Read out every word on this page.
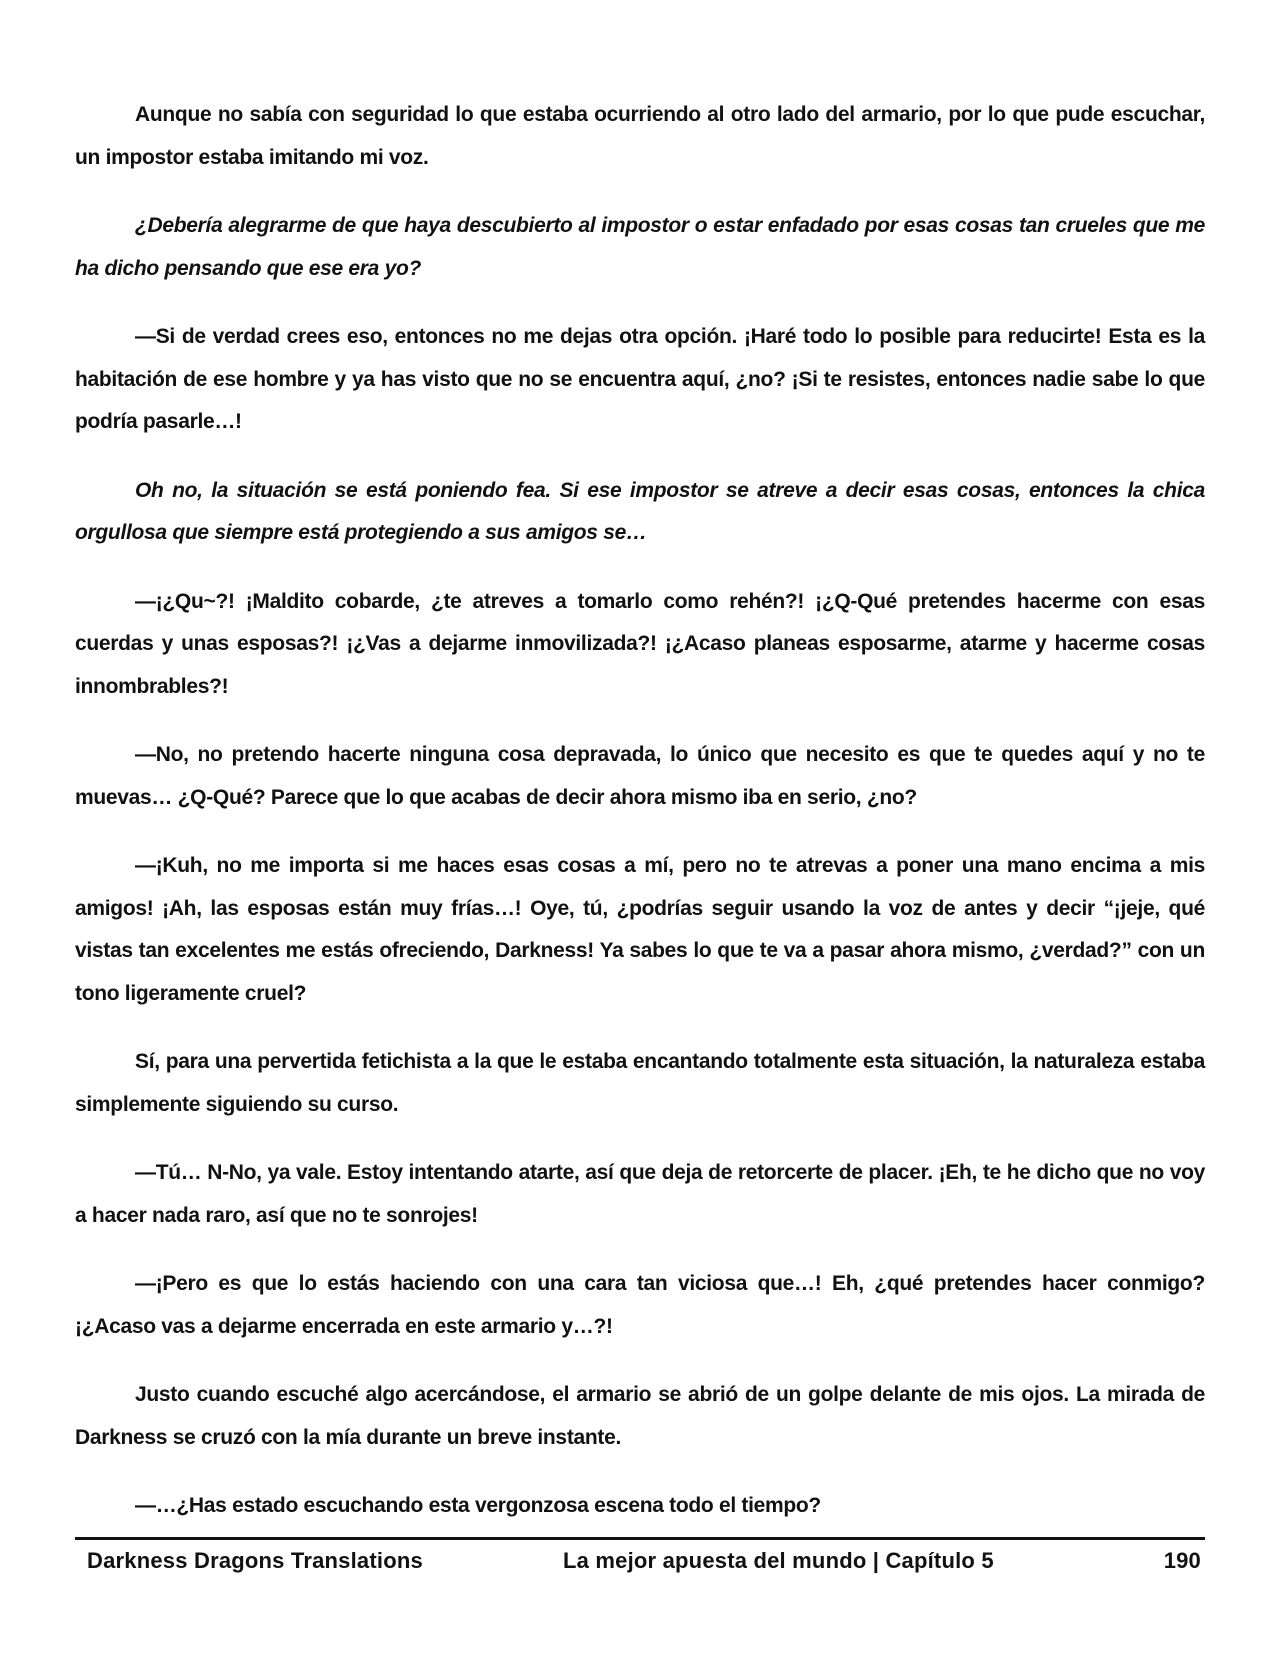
Aunque no sabía con seguridad lo que estaba ocurriendo al otro lado del armario, por lo que pude escuchar, un impostor estaba imitando mi voz.

¿Debería alegrarme de que haya descubierto al impostor o estar enfadado por esas cosas tan crueles que me ha dicho pensando que ese era yo?

—Si de verdad crees eso, entonces no me dejas otra opción. ¡Haré todo lo posible para reducirte! Esta es la habitación de ese hombre y ya has visto que no se encuentra aquí, ¿no? ¡Si te resistes, entonces nadie sabe lo que podría pasarle…!

Oh no, la situación se está poniendo fea. Si ese impostor se atreve a decir esas cosas, entonces la chica orgullosa que siempre está protegiendo a sus amigos se…

—¡¿Qu~?! ¡Maldito cobarde, ¿te atreves a tomarlo como rehén?! ¡¿Q-Qué pretendes hacerme con esas cuerdas y unas esposas?! ¡¿Vas a dejarme inmovilizada?! ¡¿Acaso planeas esposarme, atarme y hacerme cosas innombrables?!

—No, no pretendo hacerte ninguna cosa depravada, lo único que necesito es que te quedes aquí y no te muevas… ¿Q-Qué? Parece que lo que acabas de decir ahora mismo iba en serio, ¿no?

—¡Kuh, no me importa si me haces esas cosas a mí, pero no te atrevas a poner una mano encima a mis amigos! ¡Ah, las esposas están muy frías…! Oye, tú, ¿podrías seguir usando la voz de antes y decir “¡jeje, qué vistas tan excelentes me estás ofreciendo, Darkness! Ya sabes lo que te va a pasar ahora mismo, ¿verdad?” con un tono ligeramente cruel?

Sí, para una pervertida fetichista a la que le estaba encantando totalmente esta situación, la naturaleza estaba simplemente siguiendo su curso.

—Tú… N-No, ya vale. Estoy intentando atarte, así que deja de retorcerte de placer. ¡Eh, te he dicho que no voy a hacer nada raro, así que no te sonrojes!

—¡Pero es que lo estás haciendo con una cara tan viciosa que…! Eh, ¿qué pretendes hacer conmigo? ¡¿Acaso vas a dejarme encerrada en este armario y…?!

Justo cuando escuché algo acercándose, el armario se abrió de un golpe delante de mis ojos. La mirada de Darkness se cruzó con la mía durante un breve instante.

—…¿Has estado escuchando esta vergonzosa escena todo el tiempo?

Darkness Dragons Translations	La mejor apuesta del mundo | Capítulo 5	190
